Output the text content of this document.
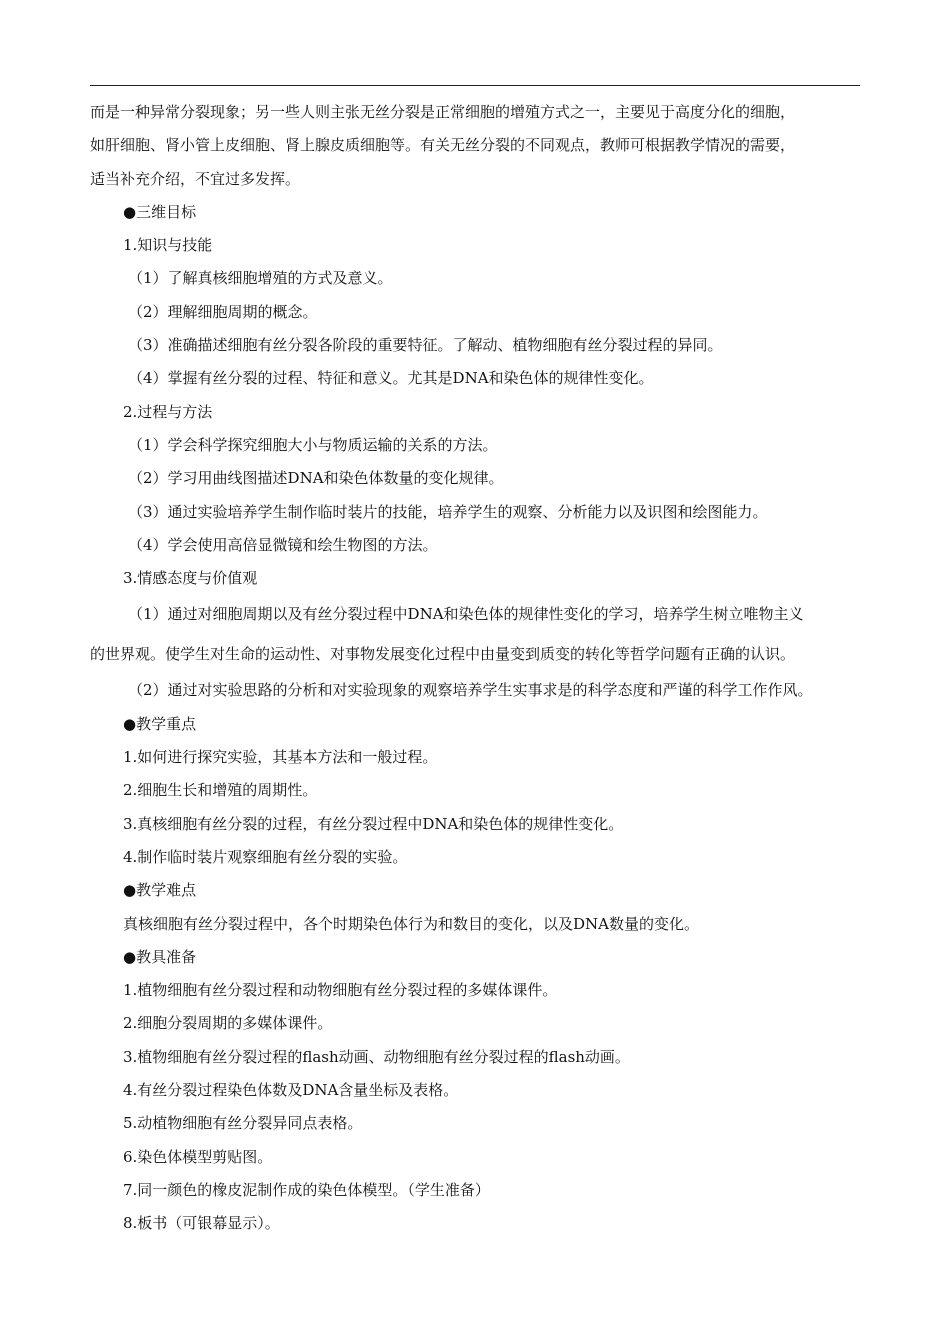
而是一种异常分裂现象；另一些人则主张无丝分裂是正常细胞的增殖方式之一，主要见于高度分化的细胞，
如肝细胞、肾小管上皮细胞、肾上腺皮质细胞等。有关无丝分裂的不同观点，教师可根据教学情况的需要，
适当补充介绍，不宜过多发挥。
●三维目标
1.知识与技能
（1）了解真核细胞增殖的方式及意义。
（2）理解细胞周期的概念。
（3）准确描述细胞有丝分裂各阶段的重要特征。了解动、植物细胞有丝分裂过程的异同。
（4）掌握有丝分裂的过程、特征和意义。尤其是DNA和染色体的规律性变化。
2.过程与方法
（1）学会科学探究细胞大小与物质运输的关系的方法。
（2）学习用曲线图描述DNA和染色体数量的变化规律。
（3）通过实验培养学生制作临时装片的技能，培养学生的观察、分析能力以及识图和绘图能力。
（4）学会使用高倍显微镜和绘生物图的方法。
3.情感态度与价值观
（1）通过对细胞周期以及有丝分裂过程中DNA和染色体的规律性变化的学习，培养学生树立唯物主义
的世界观。使学生对生命的运动性、对事物发展变化过程中由量变到质变的转化等哲学问题有正确的认识。
（2）通过对实验思路的分析和对实验现象的观察培养学生实事求是的科学态度和严谨的科学工作作风。
●教学重点
1.如何进行探究实验，其基本方法和一般过程。
2.细胞生长和增殖的周期性。
3.真核细胞有丝分裂的过程，有丝分裂过程中DNA和染色体的规律性变化。
4.制作临时装片观察细胞有丝分裂的实验。
●教学难点
真核细胞有丝分裂过程中，各个时期染色体行为和数目的变化，以及DNA数量的变化。
●教具准备
1.植物细胞有丝分裂过程和动物细胞有丝分裂过程的多媒体课件。
2.细胞分裂周期的多媒体课件。
3.植物细胞有丝分裂过程的flash动画、动物细胞有丝分裂过程的flash动画。
4.有丝分裂过程染色体数及DNA含量坐标及表格。
5.动植物细胞有丝分裂异同点表格。
6.染色体模型剪贴图。
7.同一颜色的橡皮泥制作成的染色体模型。（学生准备）
8.板书（可银幕显示）。
